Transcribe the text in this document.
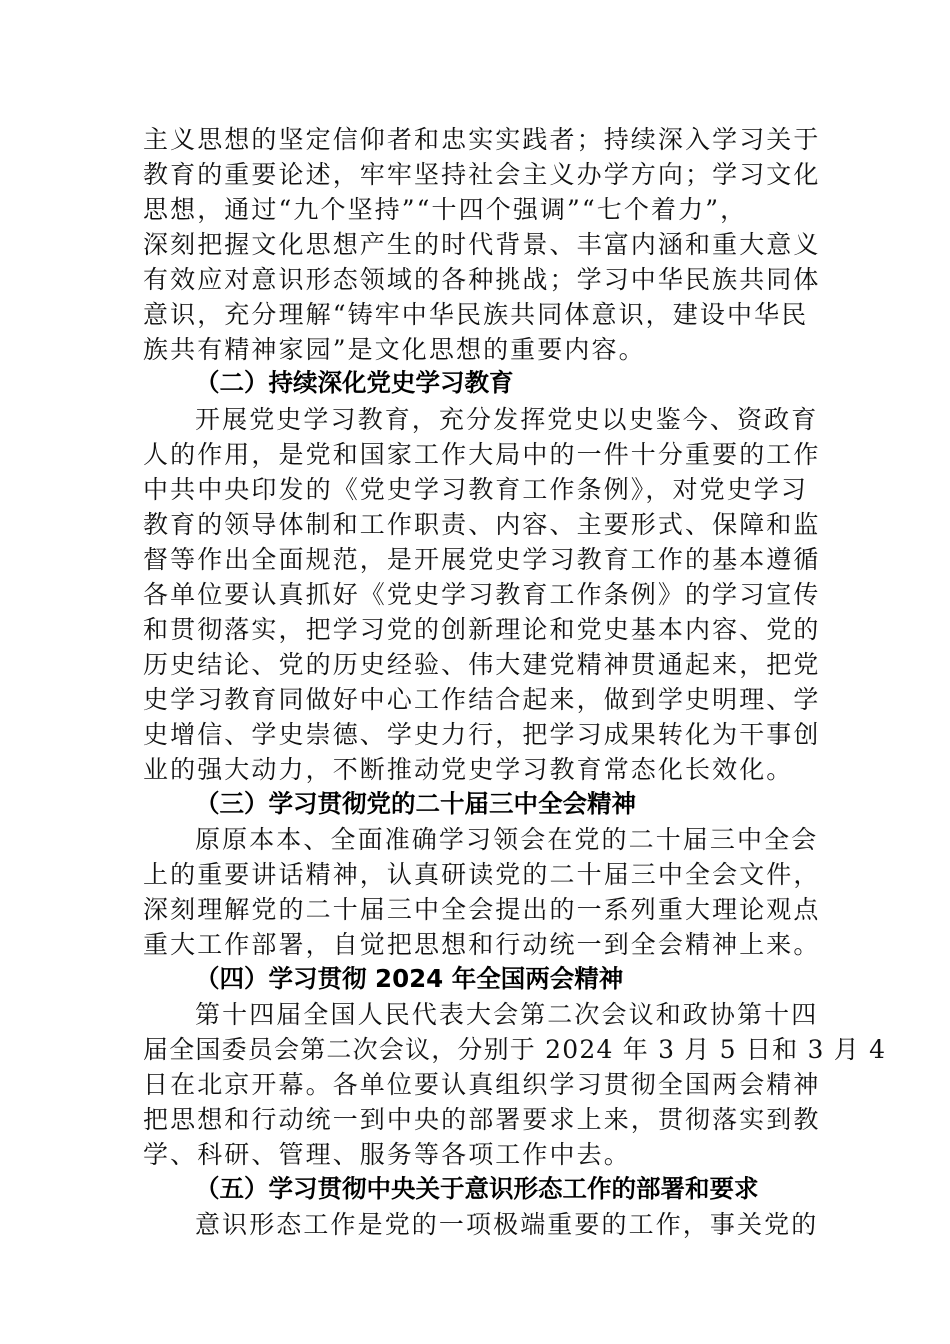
主义思想的坚定信仰者和忠实实践者；持续深入学习关于
教育的重要论述，牢牢坚持社会主义办学方向；学习文化
思想，通过“九个坚持”“十四个强调”“七个着力”，
深刻把握文化思想产生的时代背景、丰富内涵和重大意义
有效应对意识形态领域的各种挑战；学习中华民族共同体
意识，充分理解“铸牢中华民族共同体意识，建设中华民
族共有精神家园”是文化思想的重要内容。
（二）持续深化党史学习教育
开展党史学习教育，充分发挥党史以史鉴今、资政育
人的作用，是党和国家工作大局中的一件十分重要的工作
中共中央印发的《党史学习教育工作条例》，对党史学习
教育的领导体制和工作职责、内容、主要形式、保障和监
督等作出全面规范，是开展党史学习教育工作的基本遵循
各单位要认真抓好《党史学习教育工作条例》的学习宣传
和贯彻落实，把学习党的创新理论和党史基本内容、党的
历史结论、党的历史经验、伟大建党精神贯通起来，把党
史学习教育同做好中心工作结合起来，做到学史明理、学
史增信、学史崇德、学史力行，把学习成果转化为干事创
业的强大动力，不断推动党史学习教育常态化长效化。
（三）学习贯彻党的二十届三中全会精神
原原本本、全面准确学习领会在党的二十届三中全会
上的重要讲话精神，认真研读党的二十届三中全会文件，
深刻理解党的二十届三中全会提出的一系列重大理论观点
重大工作部署，自觉把思想和行动统一到全会精神上来。
（四）学习贯彻 2024 年全国两会精神
第十四届全国人民代表大会第二次会议和政协第十四
届全国委员会第二次会议，分别于 2024 年 3 月 5 日和 3 月 4
日在北京开幕。各单位要认真组织学习贯彻全国两会精神
把思想和行动统一到中央的部署要求上来，贯彻落实到教
学、科研、管理、服务等各项工作中去。
（五）学习贯彻中央关于意识形态工作的部署和要求
意识形态工作是党的一项极端重要的工作，事关党的
